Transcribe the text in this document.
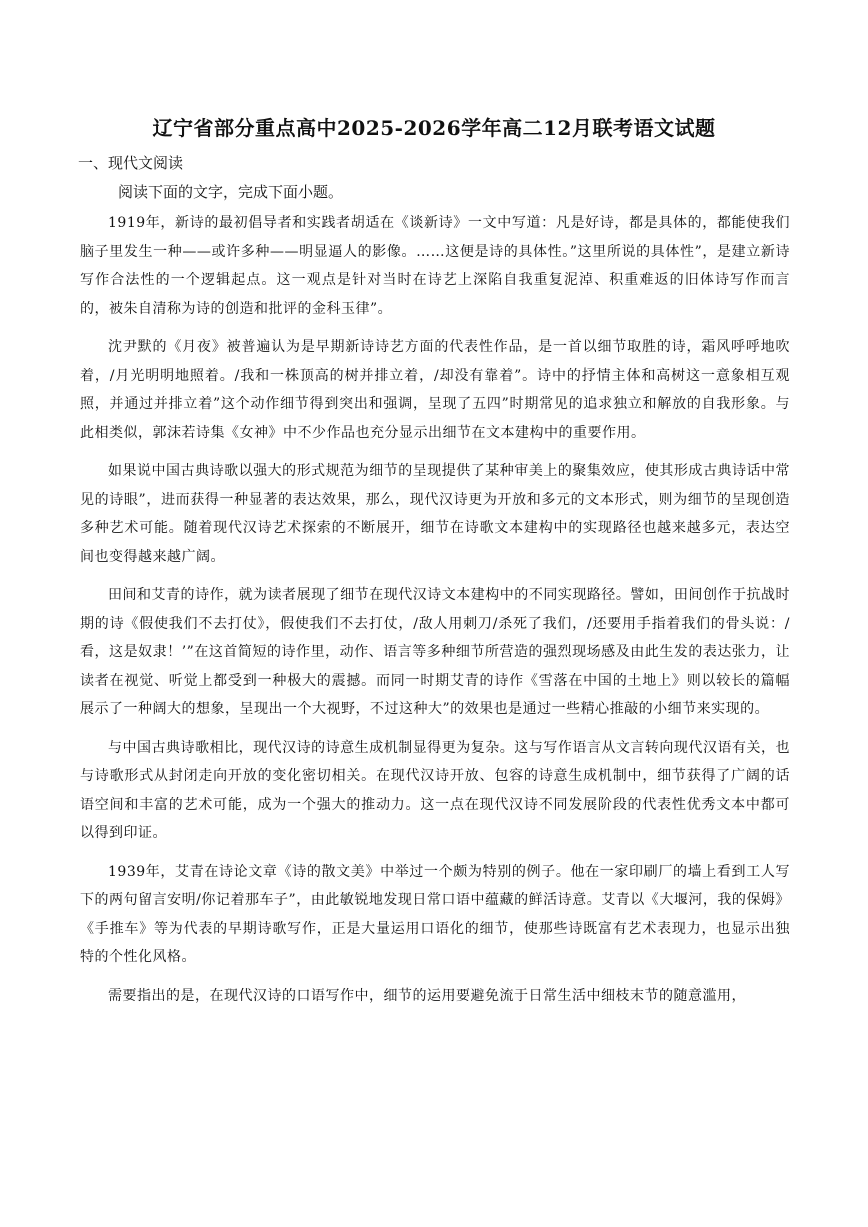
辽宁省部分重点高中2025-2026学年高二12月联考语文试题
一、现代文阅读
阅读下面的文字，完成下面小题。

1919年，新诗的最初倡导者和实践者胡适在《谈新诗》一文中写道：凡是好诗，都是具体的，都能使我们脑子里发生一种——或许多种——明显逼人的影像。……这便是诗的具体性。”这里所说的具体性”，是建立新诗写作合法性的一个逻辑起点。这一观点是针对当时在诗艺上深陷自我重复泥淖、积重难返的旧体诗写作而言的，被朱自清称为诗的创造和批评的金科玉律”。

沈尹默的《月夜》被普遍认为是早期新诗诗艺方面的代表性作品，是一首以细节取胜的诗，霜风呼呼地吹着，/月光明明地照着。/我和一株顶高的树并排立着，/却没有靠着”。诗中的抒情主体和高树这一意象相互观照，并通过并排立着”这个动作细节得到突出和强调，呈现了五四”时期常见的追求独立和解放的自我形象。与此相类似，郭沫若诗集《女神》中不少作品也充分显示出细节在文本建构中的重要作用。

如果说中国古典诗歌以强大的形式规范为细节的呈现提供了某种审美上的聚集效应，使其形成古典诗话中常见的诗眼”，进而获得一种显著的表达效果，那么，现代汉诗更为开放和多元的文本形式，则为细节的呈现创造多种艺术可能。随着现代汉诗艺术探索的不断展开，细节在诗歌文本建构中的实现路径也越来越多元，表达空间也变得越来越广阔。

田间和艾青的诗作，就为读者展现了细节在现代汉诗文本建构中的不同实现路径。譬如，田间创作于抗战时期的诗《假使我们不去打仗》，假使我们不去打仗，/敌人用刺刀/杀死了我们，/还要用手指着我们的骨头说：/看，这是奴隶！’”在这首简短的诗作里，动作、语言等多种细节所营造的强烈现场感及由此生发的表达张力，让读者在视觉、听觉上都受到一种极大的震撼。而同一时期艾青的诗作《雪落在中国的土地上》则以较长的篇幅展示了一种阔大的想象，呈现出一个大视野，不过这种大”的效果也是通过一些精心推敲的小细节来实现的。

与中国古典诗歌相比，现代汉诗的诗意生成机制显得更为复杂。这与写作语言从文言转向现代汉语有关，也与诗歌形式从封闭走向开放的变化密切相关。在现代汉诗开放、包容的诗意生成机制中，细节获得了广阔的话语空间和丰富的艺术可能，成为一个强大的推动力。这一点在现代汉诗不同发展阶段的代表性优秀文本中都可以得到印证。

1939年，艾青在诗论文章《诗的散文美》中举过一个颇为特别的例子。他在一家印刷厂的墙上看到工人写下的两句留言安明/你记着那车子”，由此敏锐地发现日常口语中蕴藏的鲜活诗意。艾青以《大堰河，我的保姆》《手推车》等为代表的早期诗歌写作，正是大量运用口语化的细节，使那些诗既富有艺术表现力，也显示出独特的个性化风格。

需要指出的是，在现代汉诗的口语写作中，细节的运用要避免流于日常生活中细枝末节的随意滥用，
